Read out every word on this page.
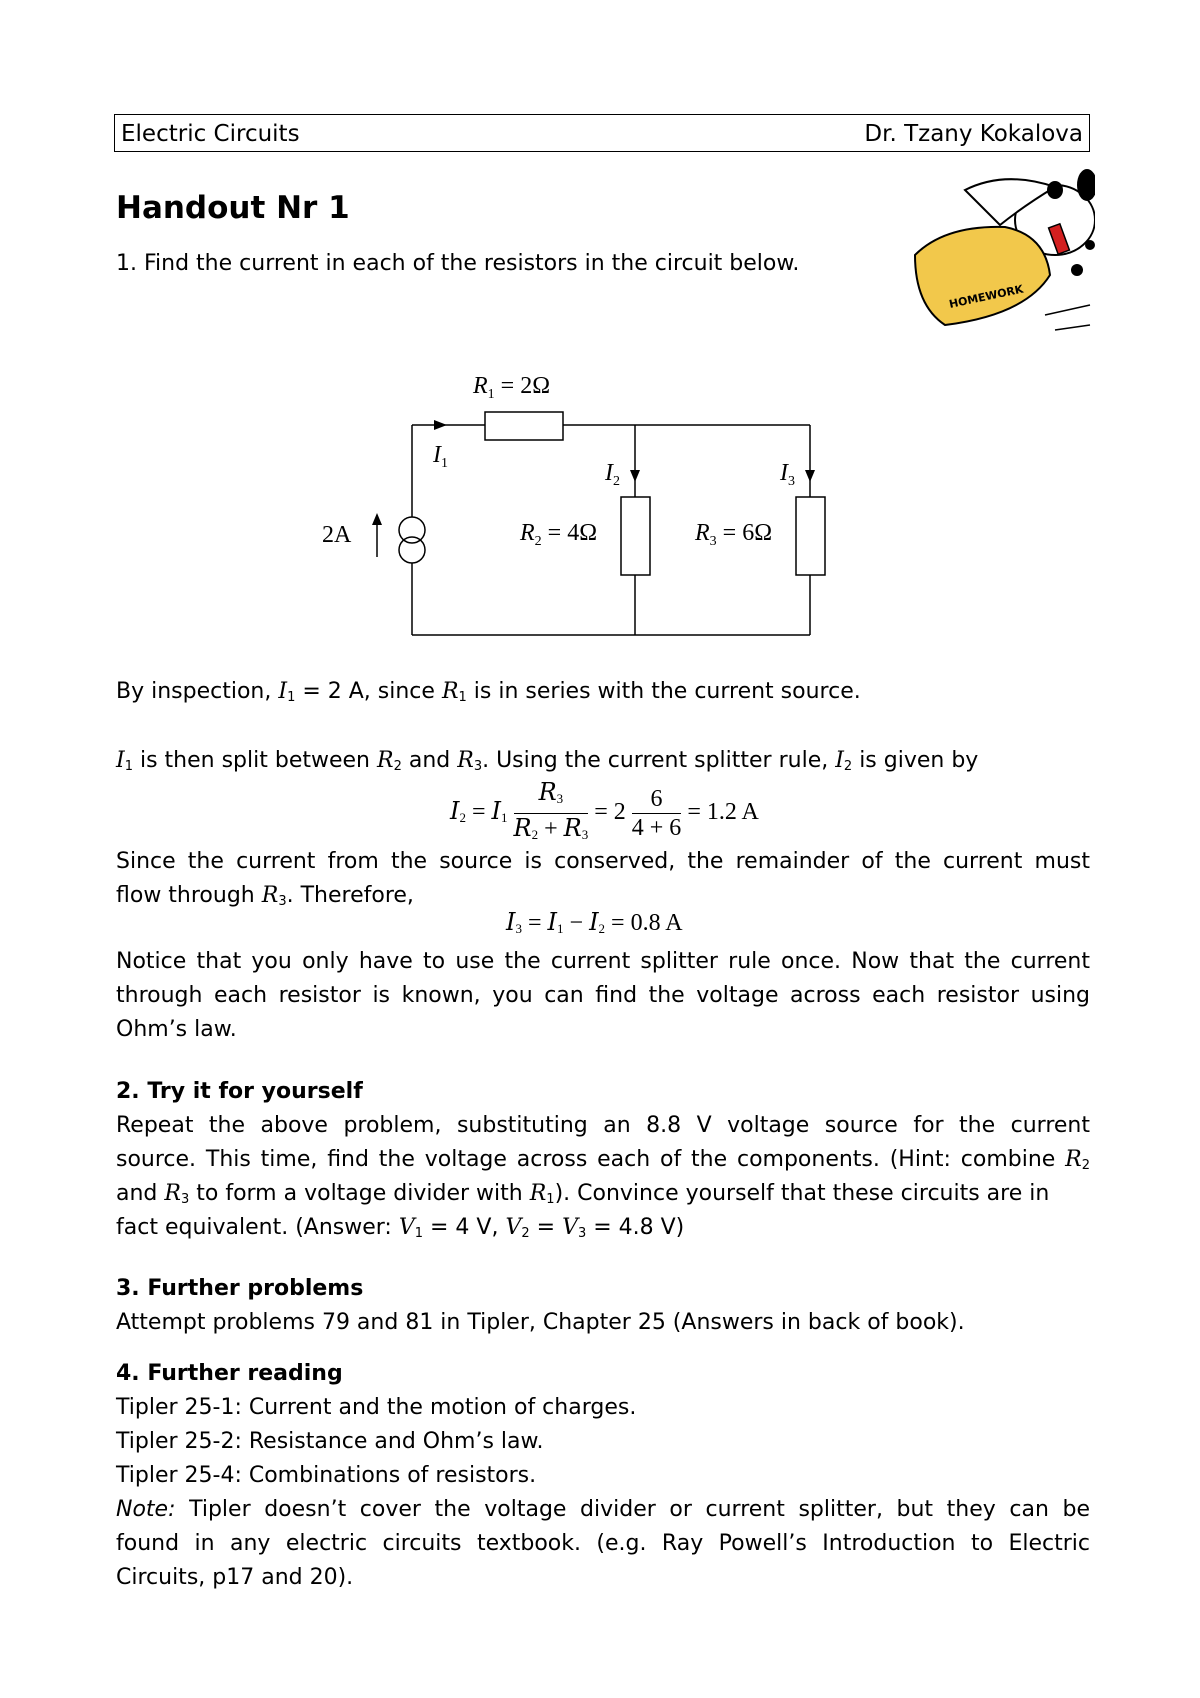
Electric Circuits	Dr. Tzany Kokalova
Handout Nr 1
HOMEWORK
1. Find the current in each of the resistors in the circuit below.
$R_1 = 2\Omega$
$I_1$	$I_2$	$I_3$
$R_2 = 4\Omega$	$R_3 = 6\Omega$
2A
By inspection, $I_1 = 2$ A, since $R_1$ is in series with the current source.
$I_1$ is then split between $R_2$ and $R_3$. Using the current splitter rule, $I_2$ is given by
$I_2 = I_1 \frac{R_3}{R_2 + R_3} = 2 \frac{6}{4 + 6} = 1.2$ A
Since the current from the source is conserved, the remainder of the current must
flow through $R_3$. Therefore,
$I_3 = I_1 - I_2 = 0.8$ A
Notice that you only have to use the current splitter rule once. Now that the current
through each resistor is known, you can find the voltage across each resistor using
Ohm’s law.
2. Try it for yourself
Repeat the above problem, substituting an 8.8 V voltage source for the current
source. This time, find the voltage across each of the components. (Hint: combine $R_2$
and $R_3$ to form a voltage divider with $R_1$). Convince yourself that these circuits are in
fact equivalent. (Answer: $V_1 = 4$ V, $V_2 = V_3 = 4.8$ V)
3. Further problems
Attempt problems 79 and 81 in Tipler, Chapter 25 (Answers in back of book).
4. Further reading
Tipler 25-1: Current and the motion of charges.
Tipler 25-2: Resistance and Ohm’s law.
Tipler 25-4: Combinations of resistors.
Note: Tipler doesn’t cover the voltage divider or current splitter, but they can be
found in any electric circuits textbook. (e.g. Ray Powell’s Introduction to Electric
Circuits, p17 and 20).
